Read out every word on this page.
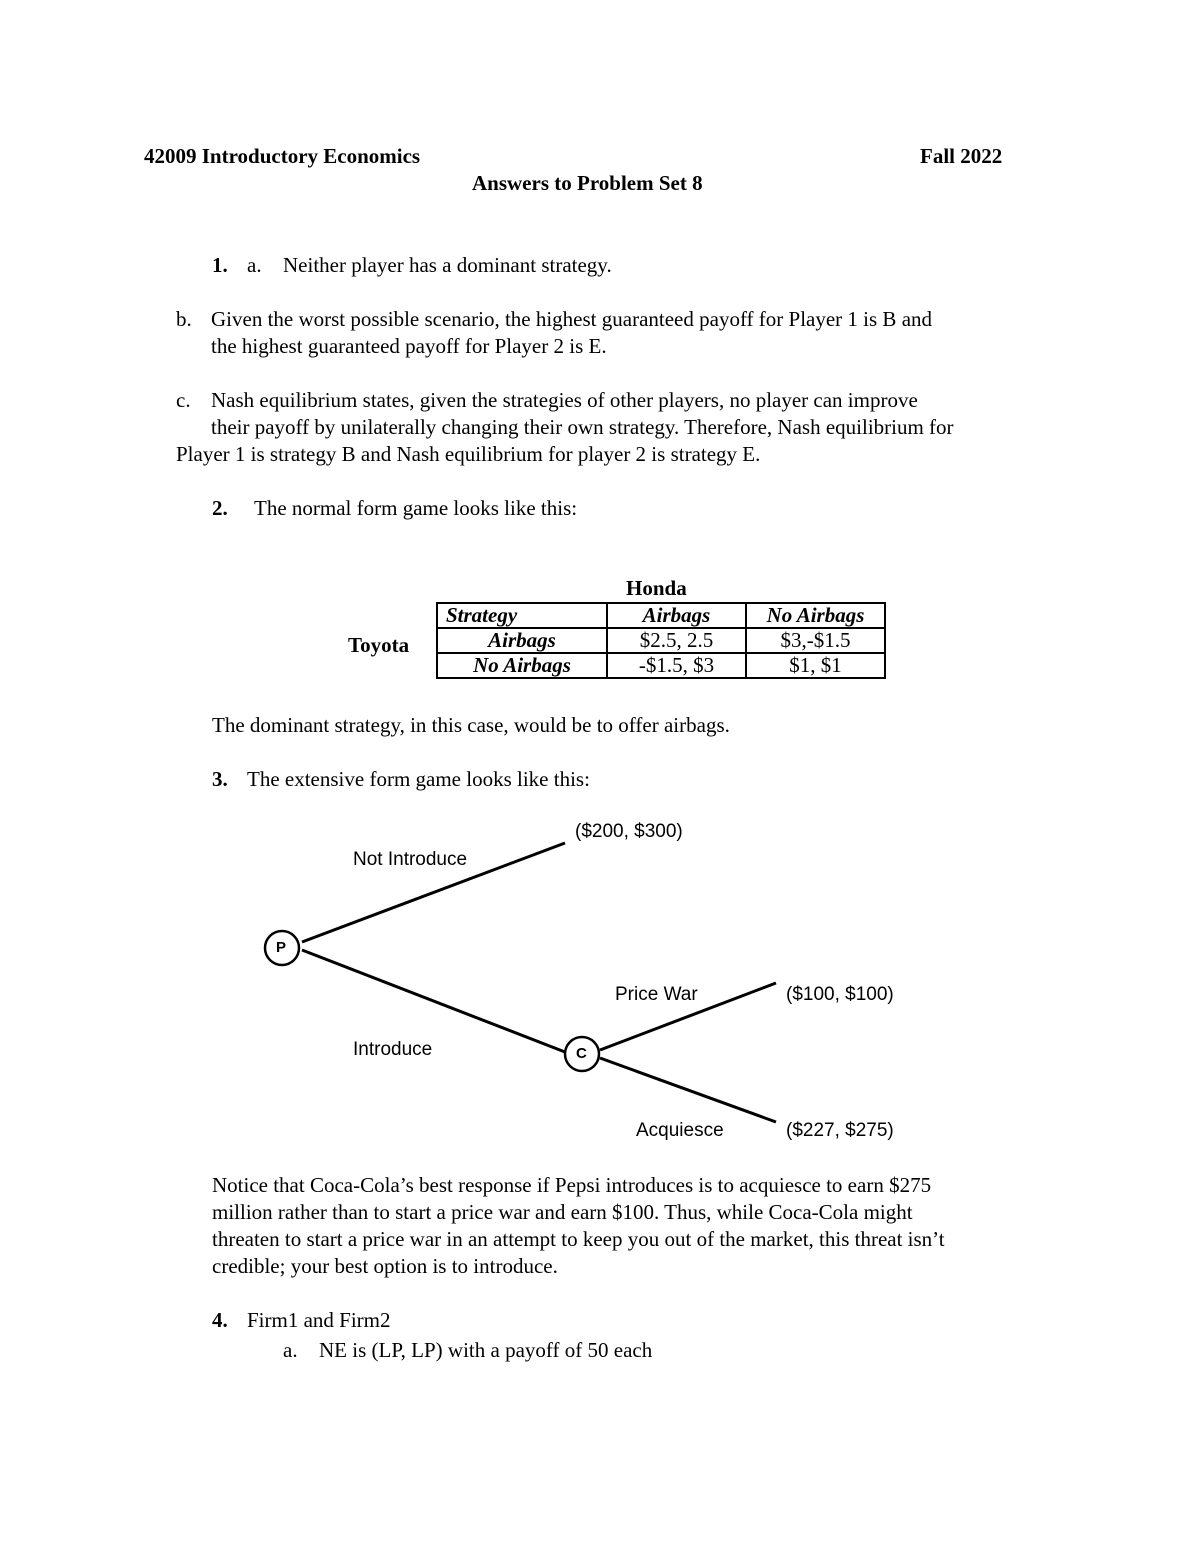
42009 Introductory Economics	Fall 2022
Answers to Problem Set 8
1. a. Neither player has a dominant strategy.
b. Given the worst possible scenario, the highest guaranteed payoff for Player 1 is B and
the highest guaranteed payoff for Player 2 is E.
c. Nash equilibrium states, given the strategies of other players, no player can improve
their payoff by unilaterally changing their own strategy. Therefore, Nash equilibrium for
Player 1 is strategy B and Nash equilibrium for player 2 is strategy E.
2. The normal form game looks like this:
Honda
Toyota
Strategy	Airbags	No Airbags
Airbags	$2.5, 2.5	$3,-$1.5
No Airbags	-$1.5, $3	$1, $1
The dominant strategy, in this case, would be to offer airbags.
3. The extensive form game looks like this:
P
C
Not Introduce
($200, $300)
Price War	($100, $100)
Introduce
Acquiesce	($227, $275)
Notice that Coca-Cola’s best response if Pepsi introduces is to acquiesce to earn $275
million rather than to start a price war and earn $100. Thus, while Coca-Cola might
threaten to start a price war in an attempt to keep you out of the market, this threat isn’t
credible; your best option is to introduce.
4. Firm1 and Firm2
a. NE is (LP, LP) with a payoff of 50 each
